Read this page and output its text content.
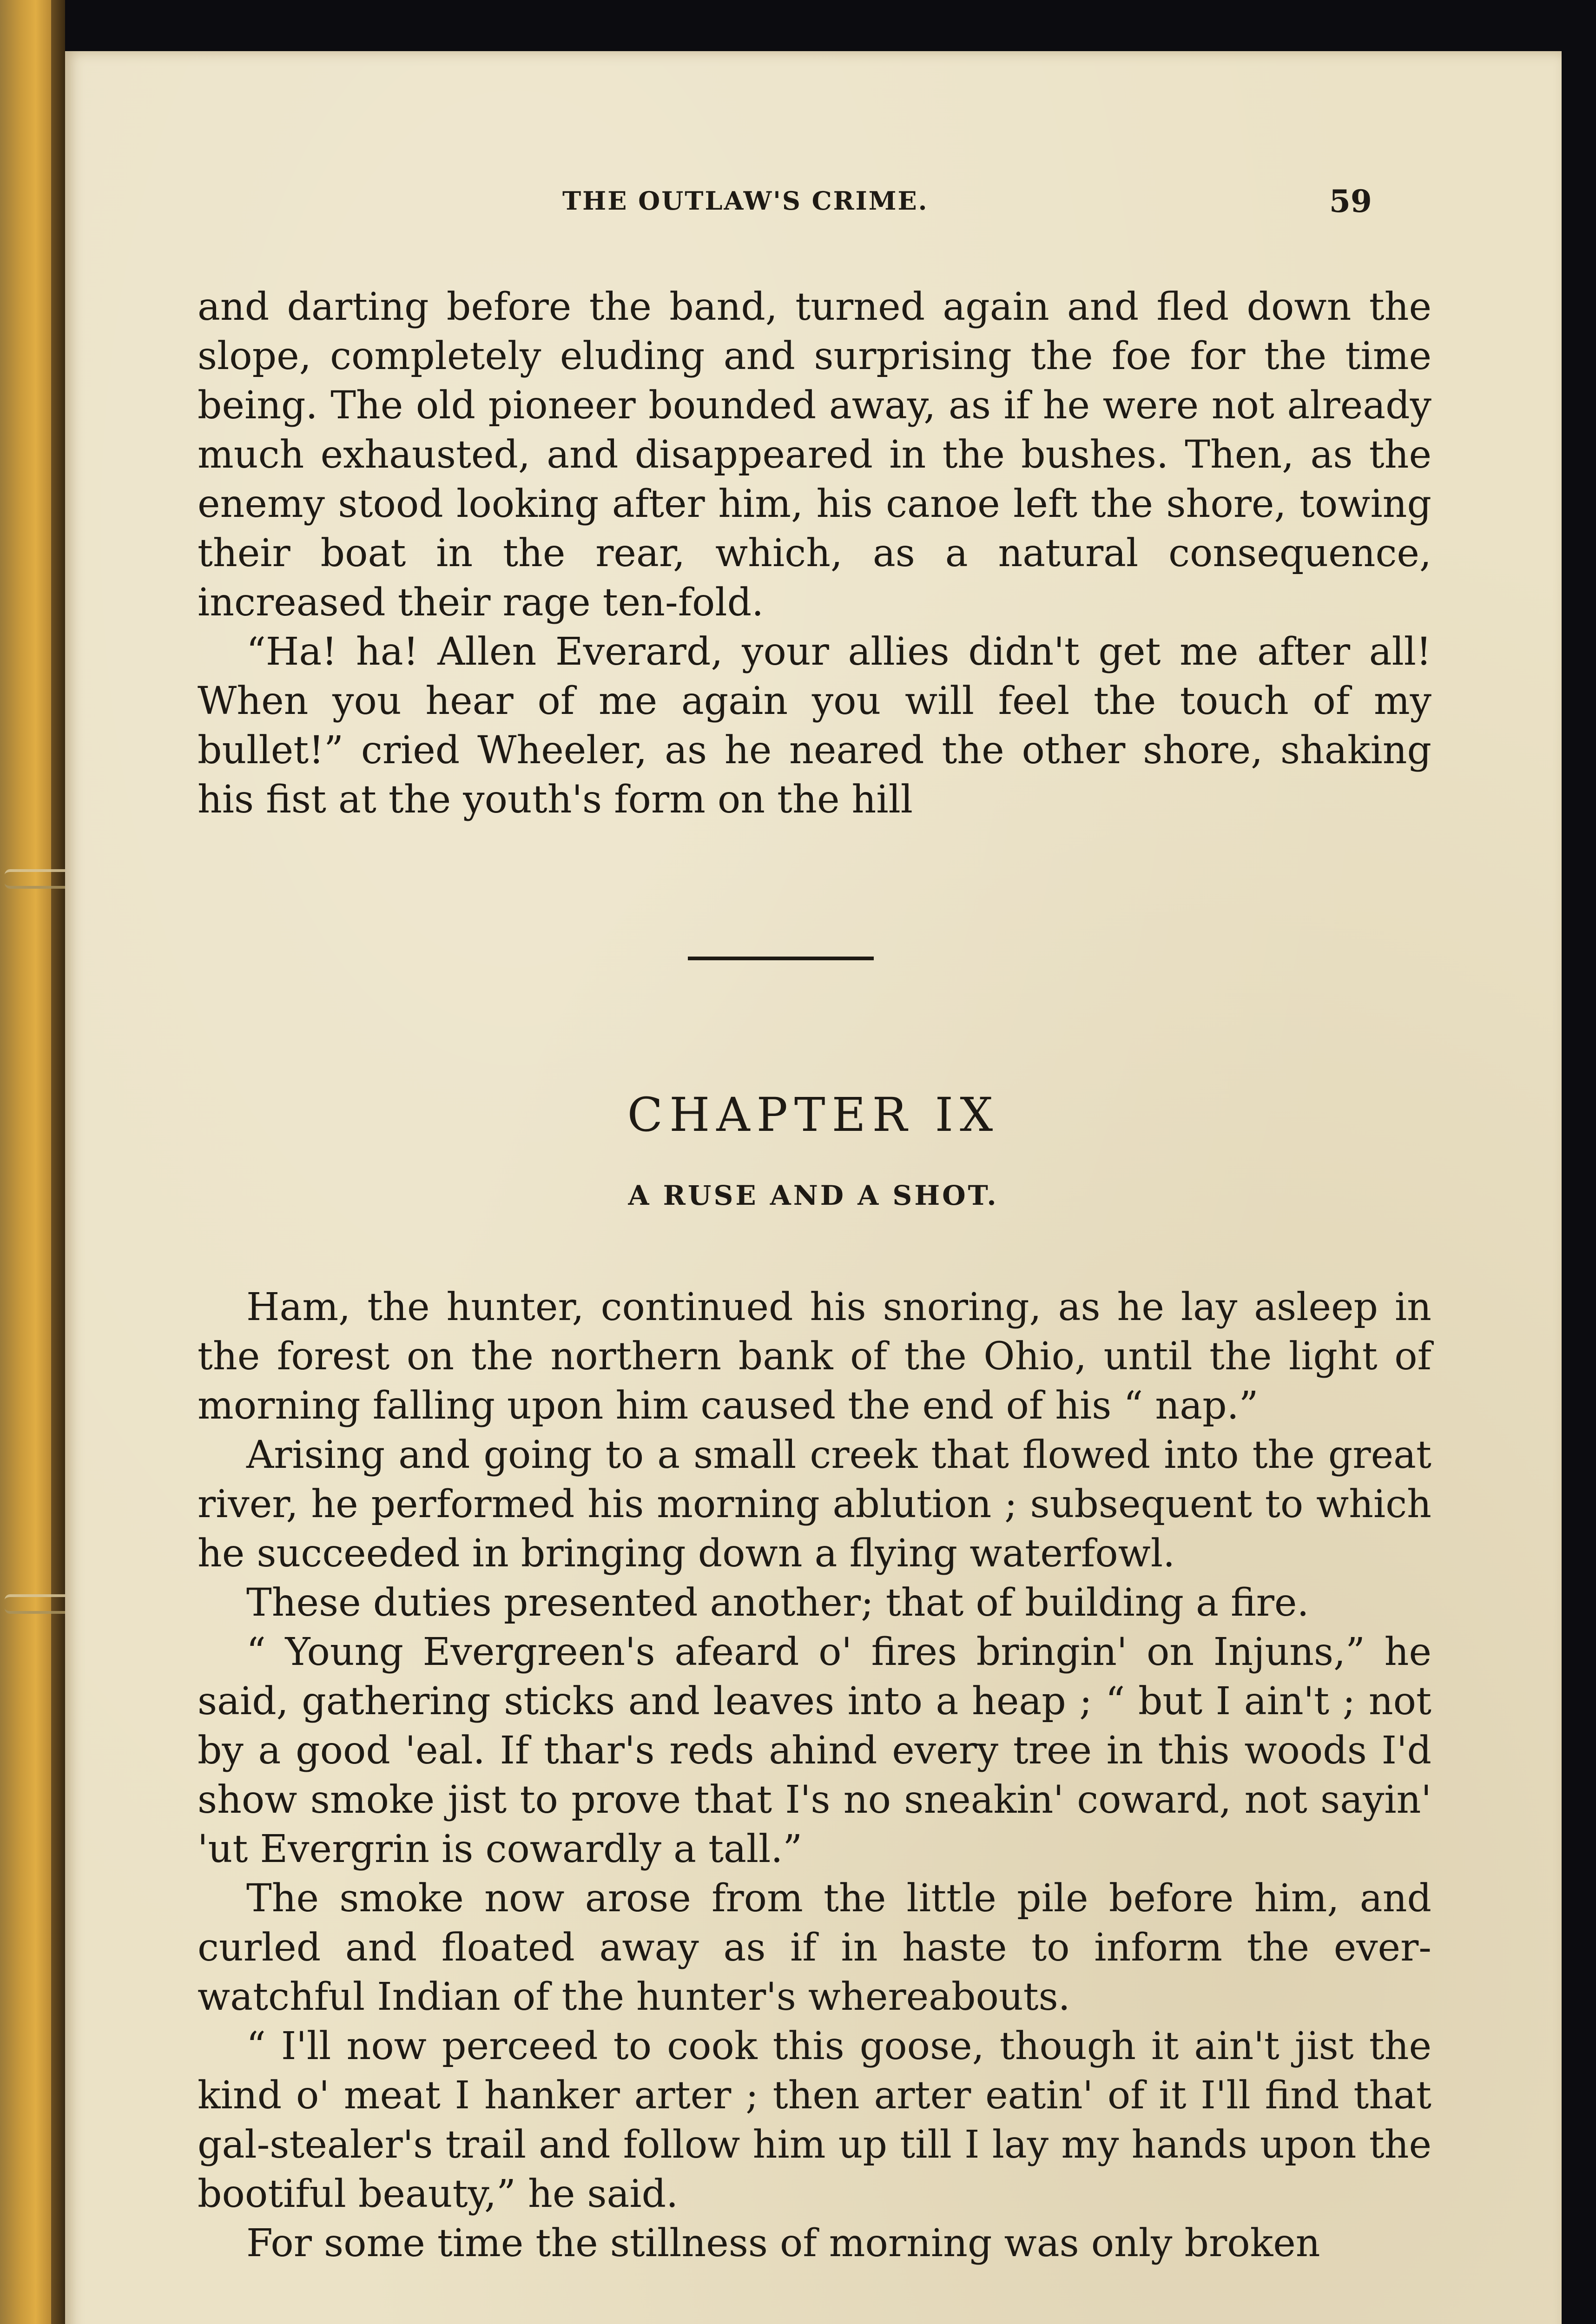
THE OUTLAW'S CRIME.	59

and darting before the band, turned again and fled down the slope, completely eluding and surprising the foe for the time being. The old pioneer bounded away, as if he were not already much exhausted, and disappeared in the bushes. Then, as the enemy stood looking after him, his canoe left the shore, towing their boat in the rear, which, as a natural consequence, increased their rage ten-fold.

“Ha! ha! Allen Everard, your allies didn't get me after all! When you hear of me again you will feel the touch of my bullet!” cried Wheeler, as he neared the other shore, shaking his fist at the youth's form on the hill

CHAPTER IX
A RUSE AND A SHOT.

Ham, the hunter, continued his snoring, as he lay asleep in the forest on the northern bank of the Ohio, until the light of morning falling upon him caused the end of his “ nap.”

Arising and going to a small creek that flowed into the great river, he performed his morning ablution ; subsequent to which he succeeded in bringing down a flying waterfowl.

These duties presented another; that of building a fire.

“ Young Evergreen's afeard o' fires bringin' on Injuns,” he said, gathering sticks and leaves into a heap ; “ but I ain't ; not by a good 'eal. If thar's reds ahind every tree in this woods I'd show smoke jist to prove that I's no sneakin' coward, not sayin' 'ut Evergrin is cowardly a tall.”

The smoke now arose from the little pile before him, and curled and floated away as if in haste to inform the ever-watchful Indian of the hunter's whereabouts.

“ I'll now perceed to cook this goose, though it ain't jist the kind o' meat I hanker arter ; then arter eatin' of it I'll find that gal-stealer's trail and follow him up till I lay my hands upon the bootiful beauty,” he said.

For some time the stillness of morning was only broken
